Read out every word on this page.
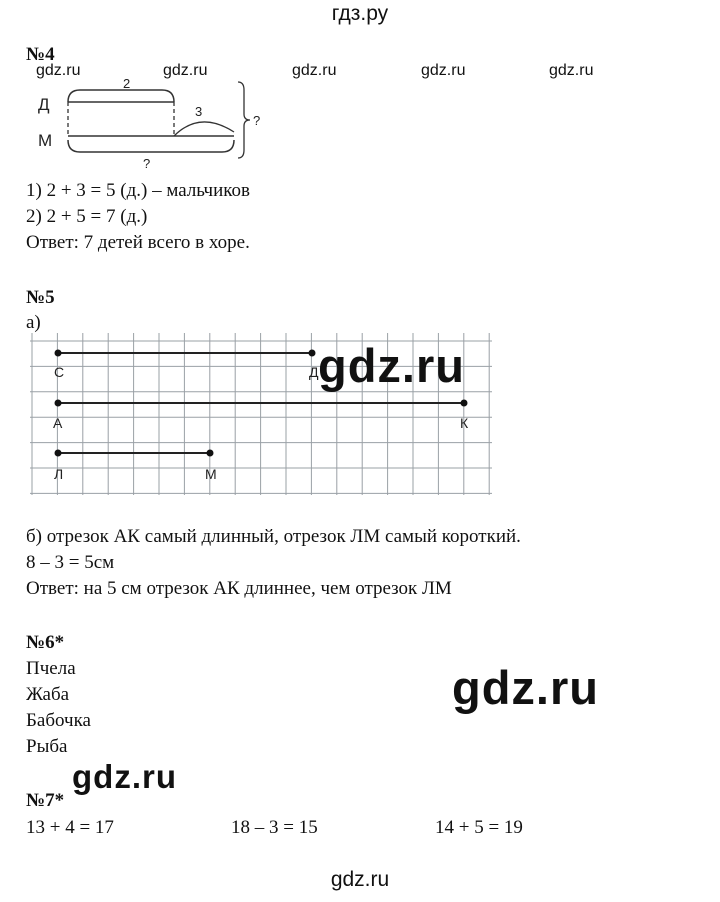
гдз.ру
№4
gdz.ru	gdz.ru	gdz.ru	gdz.ru	gdz.ru
2
Д
М
3
?
?
1) 2 + 3 = 5 (д.) – мальчиков
2) 2 + 5 = 7 (д.)
Ответ: 7 детей всего в хоре.
№5
а)
С	Д
А	К
Л	М
gdz.ru
б) отрезок АК самый длинный, отрезок ЛМ самый короткий.
8 – 3 = 5см
Ответ: на 5 см отрезок АК длиннее, чем отрезок ЛМ
№6*
Пчела
Жаба
Бабочка
Рыба
gdz.ru
gdz.ru
№7*
13 + 4 = 17	18 – 3 = 15	14 + 5 = 19
gdz.ru
